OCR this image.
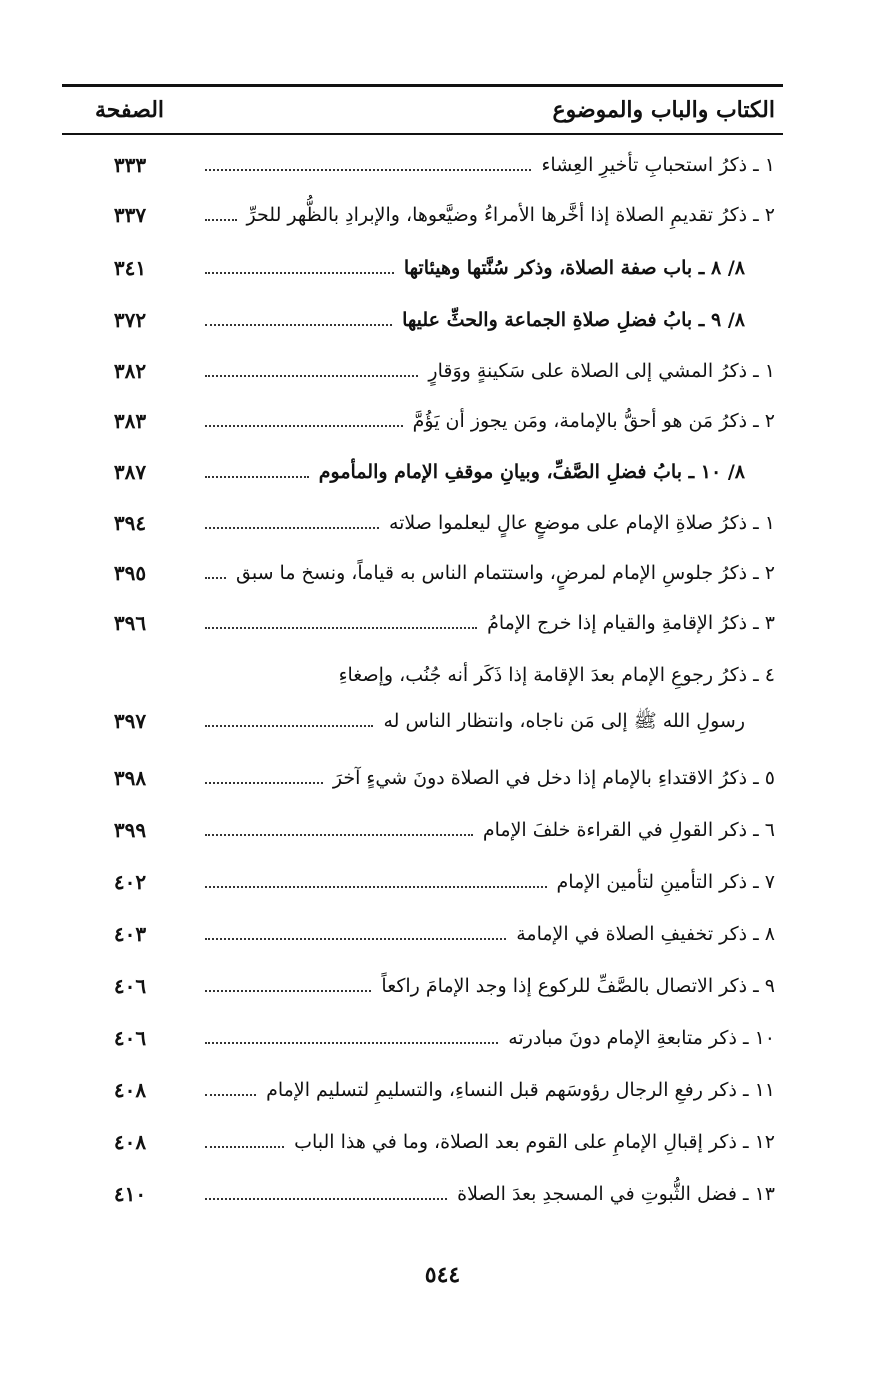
الكتاب والباب والموضوع
الصفحة
١ ـ ذكرُ استحبابِ تأخيرِ العِشاء
٣٣٣
٢ ـ ذكرُ تقديمِ الصلاة إذا أخَّرها الأمراءُ وضيَّعوها، والإبرادِ بالظُّهر للحرِّ
٣٣٧
٨/ ٨ ـ باب صفة الصلاة، وذكر سُنَّتها وهيئاتها
٣٤١
٨/ ٩ ـ بابُ فضلِ صلاةِ الجماعة والحثِّ عليها
٣٧٢
١ ـ ذكرُ المشي إلى الصلاة على سَكينةٍ ووَقارٍ
٣٨٢
٢ ـ ذكرُ مَن هو أحقُّ بالإمامة، ومَن يجوز أن يَؤُمَّ
٣٨٣
٨/ ١٠ ـ بابُ فضلِ الصَّفِّ، وبيانِ موقفِ الإمام والمأموم
٣٨٧
١ ـ ذكرُ صلاةِ الإمام على موضعٍ عالٍ ليعلموا صلاته
٣٩٤
٢ ـ ذكرُ جلوسِ الإمام لمرضٍ، واستتمام الناس به قياماً، ونسخ ما سبق
٣٩٥
٣ ـ ذكرُ الإقامةِ والقيام إذا خرج الإمامُ
٣٩٦
٤ ـ ذكرُ رجوعِ الإمام بعدَ الإقامة إذا ذَكَر أنه جُنُب، وإصغاءِ
رسولِ الله ﷺ إلى مَن ناجاه، وانتظار الناس له
٣٩٧
٥ ـ ذكرُ الاقتداءِ بالإمام إذا دخل في الصلاة دونَ شيءٍ آخرَ
٣٩٨
٦ ـ ذكر القولِ في القراءة خلفَ الإمام
٣٩٩
٧ ـ ذكر التأمينِ لتأمين الإمام
٤٠٢
٨ ـ ذكر تخفيفِ الصلاة في الإمامة
٤٠٣
٩ ـ ذكر الاتصال بالصَّفِّ للركوع إذا وجد الإمامَ راكعاً
٤٠٦
١٠ ـ ذكر متابعةِ الإمام دونَ مبادرته
٤٠٦
١١ ـ ذكر رفعِ الرجال رؤوسَهم قبل النساءِ، والتسليمِ لتسليم الإمام
٤٠٨
١٢ ـ ذكر إقبالِ الإمامِ على القوم بعد الصلاة، وما في هذا الباب
٤٠٨
١٣ ـ فضل الثُّبوتِ في المسجدِ بعدَ الصلاة
٤١٠
٥٤٤
